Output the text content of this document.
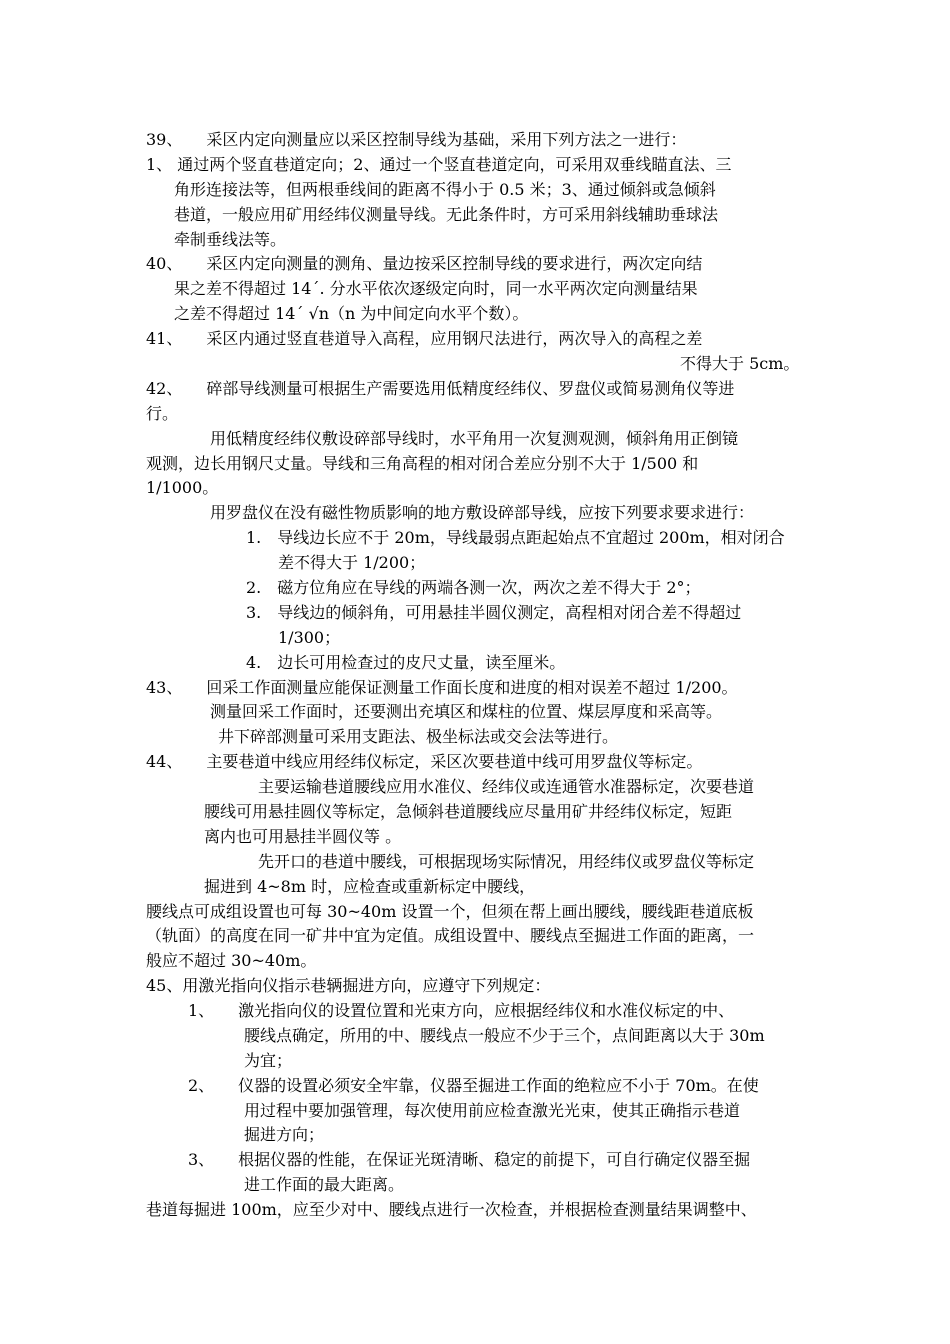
39、　　采区内定向测量应以采区控制导线为基础，采用下列方法之一进行：
1、 通过两个竖直巷道定向；2、通过一个竖直巷道定向，可采用双垂线瞄直法、三
角形连接法等，但两根垂线间的距离不得小于 0.5 米；3、通过倾斜或急倾斜
巷道，一般应用矿用经纬仪测量导线。无此条件时，方可采用斜线辅助垂球法
牵制垂线法等。
40、　　采区内定向测量的测角、量边按采区控制导线的要求进行，两次定向结
果之差不得超过 14´. 分水平依次逐级定向时，同一水平两次定向测量结果
之差不得超过 14´ √n（n 为中间定向水平个数）。
41、　　采区内通过竖直巷道导入高程，应用钢尺法进行，两次导入的高程之差
不得大于 5cm。
42、　　碎部导线测量可根据生产需要选用低精度经纬仪、罗盘仪或简易测角仪等进
行。
用低精度经纬仪敷设碎部导线时，水平角用一次复测观测，倾斜角用正倒镜
观测，边长用钢尺丈量。导线和三角高程的相对闭合差应分别不大于 1/500 和
1/1000。
用罗盘仪在没有磁性物质影响的地方敷设碎部导线，应按下列要求要求进行：
1.　导线边长应不于 20m，导线最弱点距起始点不宜超过 200m，相对闭合
差不得大于 1/200；
2.　磁方位角应在导线的两端各测一次，两次之差不得大于 2°；
3.　导线边的倾斜角，可用悬挂半圆仪测定，高程相对闭合差不得超过
1/300；
4.　边长可用检查过的皮尺丈量，读至厘米。
43、　　回采工作面测量应能保证测量工作面长度和进度的相对误差不超过 1/200。
测量回采工作面时，还要测出充填区和煤柱的位置、煤层厚度和采高等。
井下碎部测量可采用支距法、极坐标法或交会法等进行。
44、　　主要巷道中线应用经纬仪标定，采区次要巷道中线可用罗盘仪等标定。
主要运输巷道腰线应用水准仪、经纬仪或连通管水准器标定，次要巷道
腰线可用悬挂圆仪等标定，急倾斜巷道腰线应尽量用矿井经纬仪标定，短距
离内也可用悬挂半圆仪等 。
先开口的巷道中腰线，可根据现场实际情况，用经纬仪或罗盘仪等标定
掘进到 4~8m 时，应检查或重新标定中腰线，
腰线点可成组设置也可每 30~40m 设置一个，但须在帮上画出腰线，腰线距巷道底板
（轨面）的高度在同一矿井中宜为定值。成组设置中、腰线点至掘进工作面的距离，一
般应不超过 30~40m。
45、用激光指向仪指示巷辆掘进方向，应遵守下列规定：
1、　　激光指向仪的设置位置和光束方向，应根据经纬仪和水准仪标定的中、
腰线点确定，所用的中、腰线点一般应不少于三个，点间距离以大于 30m
为宜；
2、　　仪器的设置必须安全牢靠，仪器至掘进工作面的绝粒应不小于 70m。在使
用过程中要加强管理，每次使用前应检查激光光束，使其正确指示巷道
掘进方向；
3、　　根据仪器的性能，在保证光斑清晰、稳定的前提下，可自行确定仪器至掘
进工作面的最大距离。
巷道每掘进 100m，应至少对中、腰线点进行一次检查，并根据检查测量结果调整中、
